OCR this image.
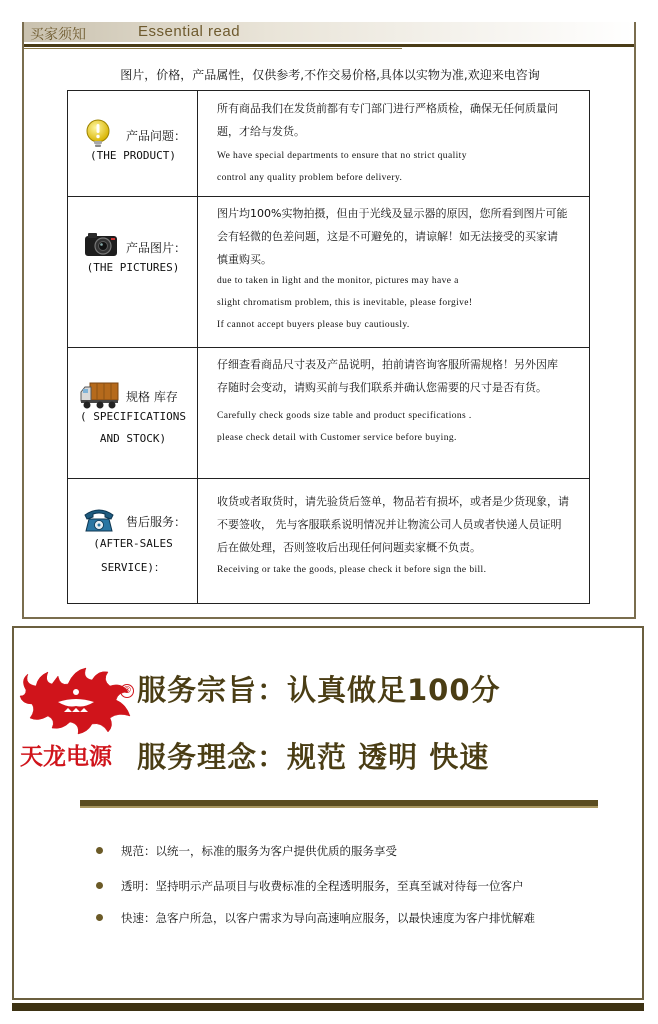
买家须知	Essential read
图片，价格，产品属性，仅供参考,不作交易价格,具体以实物为准,欢迎来电咨询
产品问题：
(THE PRODUCT)
所有商品我们在发货前都有专门部门进行严格质检，确保无任何质量问
题，才给与发货。
We have special departments to ensure that no strict quality
control any quality problem before delivery.
产品图片：
(THE PICTURES)
图片均100%实物拍摄，但由于光线及显示器的原因，您所看到图片可能
会有轻微的色差问题，这是不可避免的，请谅解！如无法接受的买家请
慎重购买。
due to taken in light and the monitor, pictures may have a
slight chromatism problem, this is inevitable, please forgive!
If cannot accept buyers please buy cautiously.
规格 库存
( SPECIFICATIONS
AND STOCK)
仔细查看商品尺寸表及产品说明，拍前请咨询客服所需规格！另外因库
存随时会变动，请购买前与我们联系并确认您需要的尺寸是否有货。
Carefully check goods size table and product specifications .
please check detail with Customer service before buying.
售后服务：
(AFTER-SALES
SERVICE)：
收货或者取货时，请先验货后签单，物品若有损坏，或者是少货现象，请
不要签收， 先与客服联系说明情况并让物流公司人员或者快递人员证明
后在做处理，否则签收后出现任何问题卖家概不负责。
Receiving or take the goods, please check it before sign the bill.
®
天龙电源
服务宗旨：认真做足100分
服务理念：规范 透明 快速
规范：以统一，标准的服务为客户提供优质的服务享受
透明：坚持明示产品项目与收费标准的全程透明服务，至真至诚对待每一位客户
快速：急客户所急，以客户需求为导向高速响应服务，以最快速度为客户排忧解难
